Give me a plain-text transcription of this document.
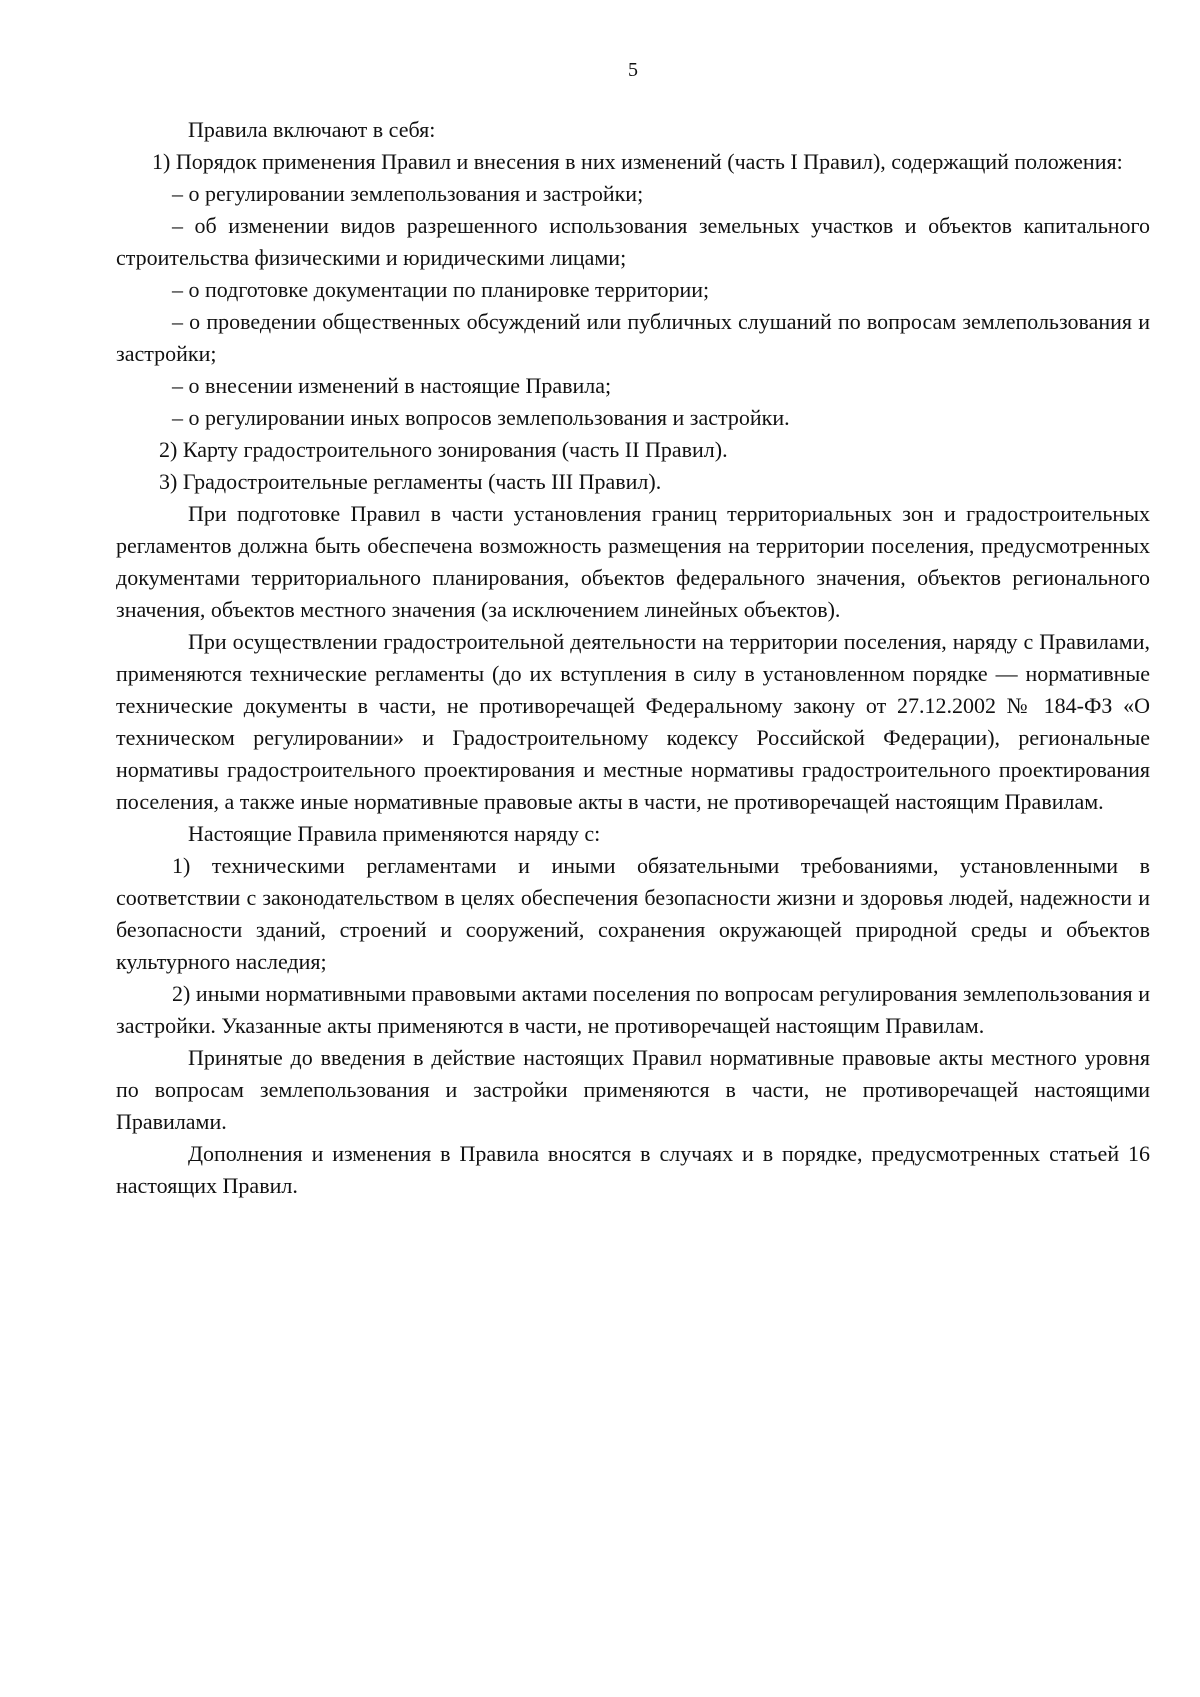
5

Правила включают в себя:

1) Порядок применения Правил и внесения в них изменений (часть I Правил), содержащий положения:

– о регулировании землепользования и застройки;

– об изменении видов разрешенного использования земельных участков и объектов капитального строительства физическими и юридическими лицами;

– о подготовке документации по планировке территории;

– о проведении общественных обсуждений или публичных слушаний по вопросам землепользования и застройки;

– о внесении изменений в настоящие Правила;

– о регулировании иных вопросов землепользования и застройки.

2) Карту градостроительного зонирования (часть II Правил).

3) Градостроительные регламенты (часть III Правил).

При подготовке Правил в части установления границ территориальных зон и градостроительных регламентов должна быть обеспечена возможность размещения на территории поселения, предусмотренных документами территориального планирования, объектов федерального значения, объектов регионального значения, объектов местного значения (за исключением линейных объектов).

При осуществлении градостроительной деятельности на территории поселения, наряду с Правилами, применяются технические регламенты (до их вступления в силу в установленном порядке — нормативные технические документы в части, не противоречащей Федеральному закону от 27.12.2002 № 184-ФЗ «О техническом регулировании» и Градостроительному кодексу Российской Федерации), региональные нормативы градостроительного проектирования и местные нормативы градостроительного проектирования поселения, а также иные нормативные правовые акты в части, не противоречащей настоящим Правилам.

Настоящие Правила применяются наряду с:

1) техническими регламентами и иными обязательными требованиями, установленными в соответствии с законодательством в целях обеспечения безопасности жизни и здоровья людей, надежности и безопасности зданий, строений и сооружений, сохранения окружающей природной среды и объектов культурного наследия;

2) иными нормативными правовыми актами поселения по вопросам регулирования землепользования и застройки. Указанные акты применяются в части, не противоречащей настоящим Правилам.

Принятые до введения в действие настоящих Правил нормативные правовые акты местного уровня по вопросам землепользования и застройки применяются в части, не противоречащей настоящими Правилами.

Дополнения и изменения в Правила вносятся в случаях и в порядке, предусмотренных статьей 16 настоящих Правил.
